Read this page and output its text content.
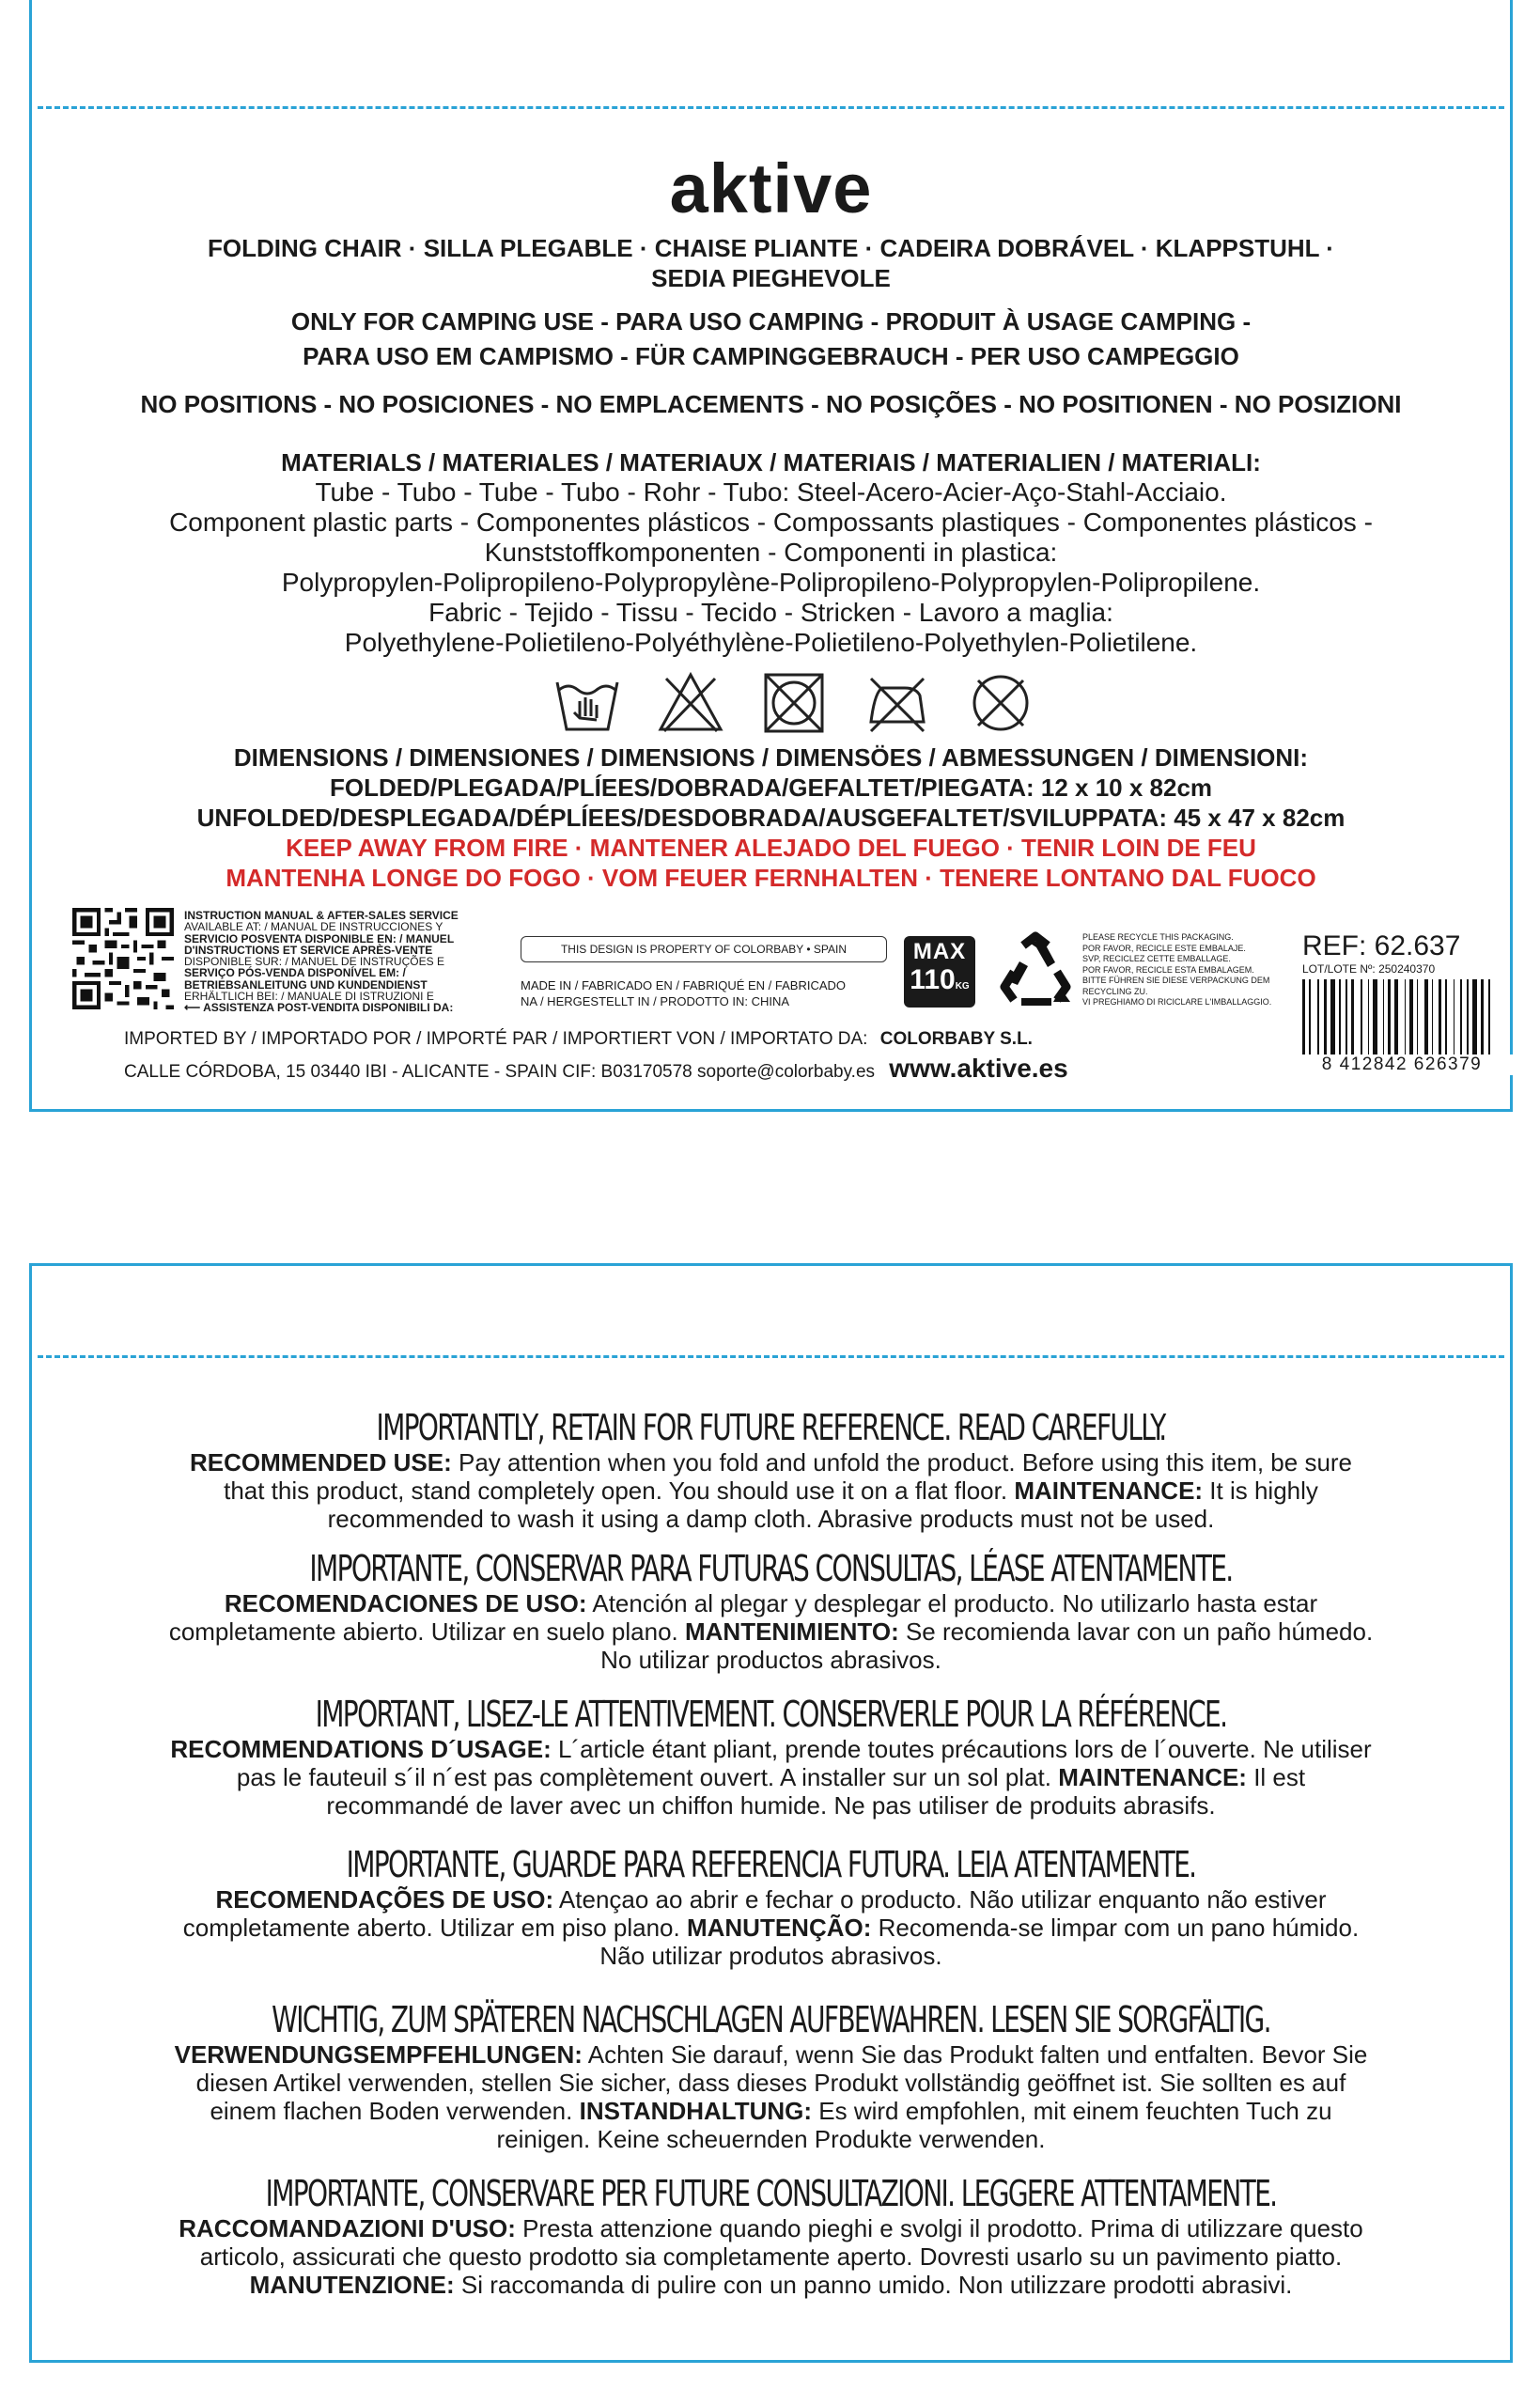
aktive
FOLDING CHAIR · SILLA PLEGABLE · CHAISE PLIANTE · CADEIRA DOBRÁVEL · KLAPPSTUHL ·
SEDIA PIEGHEVOLE
ONLY FOR CAMPING USE - PARA USO CAMPING - PRODUIT À USAGE CAMPING -
PARA USO EM CAMPISMO - FÜR CAMPINGGEBRAUCH - PER USO CAMPEGGIO
NO POSITIONS - NO POSICIONES - NO EMPLACEMENTS - NO POSIÇÕES - NO POSITIONEN - NO POSIZIONI
MATERIALS / MATERIALES / MATERIAUX / MATERIAIS / MATERIALIEN / MATERIALI:
Tube - Tubo - Tube - Tubo - Rohr - Tubo: Steel-Acero-Acier-Aço-Stahl-Acciaio.
Component plastic parts - Componentes plásticos - Compossants plastiques - Componentes plásticos -
Kunststoffkomponenten - Componenti in plastica:
Polypropylen-Polipropileno-Polypropylène-Polipropileno-Polypropylen-Polipropilene.
Fabric - Tejido - Tissu - Tecido - Stricken - Lavoro a maglia:
Polyethylene-Polietileno-Polyéthylène-Polietileno-Polyethylen-Polietilene.
DIMENSIONS / DIMENSIONES / DIMENSIONS / DIMENSÖES / ABMESSUNGEN / DIMENSIONI:
FOLDED/PLEGADA/PLÍEES/DOBRADA/GEFALTET/PIEGATA: 12 x 10 x 82cm
UNFOLDED/DESPLEGADA/DÉPLÍEES/DESDOBRADA/AUSGEFALTET/SVILUPPATA: 45 x 47 x 82cm
KEEP AWAY FROM FIRE · MANTENER ALEJADO DEL FUEGO · TENIR LOIN DE FEU
MANTENHA LONGE DO FOGO · VOM FEUER FERNHALTEN · TENERE LONTANO DAL FUOCO
INSTRUCTION MANUAL & AFTER-SALES SERVICE
AVAILABLE AT: / MANUAL DE INSTRUCCIONES Y
SERVICIO POSVENTA DISPONIBLE EN: / MANUEL
D'INSTRUCTIONS ET SERVICE APRÈS-VENTE
DISPONIBLE SUR: / MANUEL DE INSTRUÇÕES E
SERVIÇO PÓS-VENDA DISPONÍVEL EM: /
BETRIEBSANLEITUNG UND KUNDENDIENST
ERHÄLTLICH BEI: / MANUALE DI ISTRUZIONI E
⟵ ASSISTENZA POST-VENDITA DISPONIBILI DA:
THIS DESIGN IS PROPERTY OF COLORBABY • SPAIN
MADE IN / FABRICADO EN / FABRIQUÉ EN / FABRICADO
NA / HERGESTELLT IN / PRODOTTO IN: CHINA
MAX
110KG
PLEASE RECYCLE THIS PACKAGING.
POR FAVOR, RECICLE ESTE EMBALAJE.
SVP, RECICLEZ CETTE EMBALLAGE.
POR FAVOR, RECICLE ESTA EMBALAGEM.
BITTE FÜHREN SIE DIESE VERPACKUNG DEM
RECYCLING ZU.
VI PREGHIAMO DI RICICLARE L'IMBALLAGGIO.
REF: 62.637
LOT/LOTE Nº: 250240370
8 412842 626379
IMPORTED BY / IMPORTADO POR / IMPORTÉ PAR / IMPORTIERT VON / IMPORTATO DA: COLORBABY S.L.
CALLE CÓRDOBA, 15 03440 IBI - ALICANTE - SPAIN CIF: B03170578 soporte@colorbaby.es www.aktive.es
IMPORTANTLY, RETAIN FOR FUTURE REFERENCE. READ CAREFULLY.
RECOMMENDED USE: Pay attention when you fold and unfold the product. Before using this item, be sure
that this product, stand completely open. You should use it on a flat floor. MAINTENANCE: It is highly
recommended to wash it using a damp cloth. Abrasive products must not be used.
IMPORTANTE, CONSERVAR PARA FUTURAS CONSULTAS, LÉASE ATENTAMENTE.
RECOMENDACIONES DE USO: Atención al plegar y desplegar el producto. No utilizarlo hasta estar
completamente abierto. Utilizar en suelo plano. MANTENIMIENTO: Se recomienda lavar con un paño húmedo.
No utilizar productos abrasivos.
IMPORTANT, LISEZ-LE ATTENTIVEMENT. CONSERVERLE POUR LA RÉFÉRENCE.
RECOMMENDATIONS D´USAGE: L´article étant pliant, prende toutes précautions lors de l´ouverte. Ne utiliser
pas le fauteuil s´il n´est pas complètement ouvert. A installer sur un sol plat. MAINTENANCE: Il est
recommandé de laver avec un chiffon humide. Ne pas utiliser de produits abrasifs.
IMPORTANTE, GUARDE PARA REFERENCIA FUTURA. LEIA ATENTAMENTE.
RECOMENDAÇÕES DE USO: Atençao ao abrir e fechar o producto. Não utilizar enquanto não estiver
completamente aberto. Utilizar em piso plano. MANUTENÇÃO: Recomenda-se limpar com un pano húmido.
Não utilizar produtos abrasivos.
WICHTIG, ZUM SPÄTEREN NACHSCHLAGEN AUFBEWAHREN. LESEN SIE SORGFÄLTIG.
VERWENDUNGSEMPFEHLUNGEN: Achten Sie darauf, wenn Sie das Produkt falten und entfalten. Bevor Sie
diesen Artikel verwenden, stellen Sie sicher, dass dieses Produkt vollständig geöffnet ist. Sie sollten es auf
einem flachen Boden verwenden. INSTANDHALTUNG: Es wird empfohlen, mit einem feuchten Tuch zu
reinigen. Keine scheuernden Produkte verwenden.
IMPORTANTE, CONSERVARE PER FUTURE CONSULTAZIONI. LEGGERE ATTENTAMENTE.
RACCOMANDAZIONI D'USO: Presta attenzione quando pieghi e svolgi il prodotto. Prima di utilizzare questo
articolo, assicurati che questo prodotto sia completamente aperto. Dovresti usarlo su un pavimento piatto.
MANUTENZIONE: Si raccomanda di pulire con un panno umido. Non utilizzare prodotti abrasivi.
